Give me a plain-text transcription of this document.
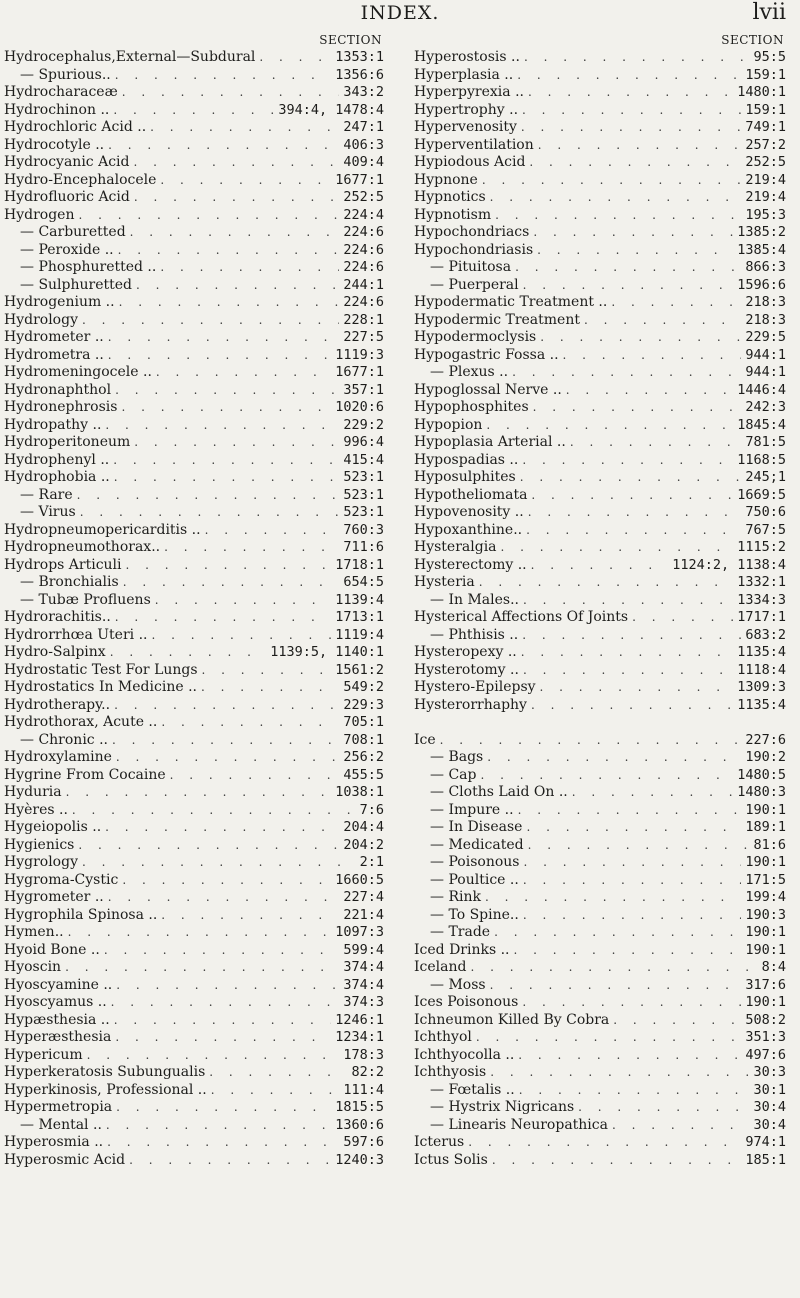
INDEX.	lvii
SECTION
Hydrocephalus,External—Subdural . . .	1353:1
— Spurious.. . . .	1356:6
Hydrocharaceæ . . .	343:2
Hydrochinon .. . . .	394:4, 1478:4
Hydrochloric Acid .. . . .	247:1
Hydrocotyle .. . . .	406:3
Hydrocyanic Acid . . .	409:4
Hydro-Encephalocele . . .	1677:1
Hydrofluoric Acid . . .	252:5
Hydrogen . . .	224:4
— Carburetted . . .	224:6
— Peroxide .. . . .	224:6
— Phosphuretted .. . . .	224:6
— Sulphuretted . . .	244:1
Hydrogenium .. . . .	224:6
Hydrology . . .	228:1
Hydrometer .. . . .	227:5
Hydrometra .. . . .	1119:3
Hydromeningocele .. . . .	1677:1
Hydronaphthol . . .	357:1
Hydronephrosis . . .	1020:6
Hydropathy .. . . .	229:2
Hydroperitoneum . . .	996:4
Hydrophenyl .. . . .	415:4
Hydrophobia .. . . .	523:1
— Rare . . .	523:1
— Virus . . .	523:1
Hydropneumopericarditis .. . . .	760:3
Hydropneumothorax.. . . .	711:6
Hydrops Articuli . . .	1718:1
— Bronchialis . . .	654:5
— Tubæ Profluens . . .	1139:4
Hydrorachitis.. . . .	1713:1
Hydrorrhœa Uteri .. . . .	1119:4
Hydro-Salpinx . . .	1139:5, 1140:1
Hydrostatic Test For Lungs . . .	1561:2
Hydrostatics In Medicine .. . . .	549:2
Hydrotherapy.. . . .	229:3
Hydrothorax, Acute .. . . .	705:1
— Chronic .. . . .	708:1
Hydroxylamine . . .	256:2
Hygrine From Cocaine . . .	455:5
Hyduria . . .	1038:1
Hyères .. . . .	7:6
Hygeiopolis .. . . .	204:4
Hygienics . . .	204:2
Hygrology . . .	2:1
Hygroma-Cystic . . .	1660:5
Hygrometer .. . . .	227:4
Hygrophila Spinosa .. . . .	221:4
Hymen.. . . .	1097:3
Hyoid Bone .. . . .	599:4
Hyoscin . . .	374:4
Hyoscyamine .. . . .	374:4
Hyoscyamus .. . . .	374:3
Hypæsthesia .. . . .	1246:1
Hyperæsthesia . . .	1234:1
Hypericum . . .	178:3
Hyperkeratosis Subungualis . . .	82:2
Hyperkinosis, Professional .. . . .	111:4
Hypermetropia . . .	1815:5
— Mental .. . . .	1360:6
Hyperosmia .. . . .	597:6
Hyperosmic Acid . . .	1240:3
SECTION
Hyperostosis .. . . .	95:5
Hyperplasia .. . . .	159:1
Hyperpyrexia .. . . .	1480:1
Hypertrophy .. . . .	159:1
Hypervenosity . . .	749:1
Hyperventilation . . .	257:2
Hypiodous Acid . . .	252:5
Hypnone . . .	219:4
Hypnotics . . .	219:4
Hypnotism . . .	195:3
Hypochondriacs . . .	1385:2
Hypochondriasis . . .	1385:4
— Pituitosa . . .	866:3
— Puerperal . . .	1596:6
Hypodermatic Treatment .. . . .	218:3
Hypodermic Treatment . . .	218:3
Hypodermoclysis . . .	229:5
Hypogastric Fossa .. . . .	944:1
— Plexus .. . . .	944:1
Hypoglossal Nerve .. . . .	1446:4
Hypophosphites . . .	242:3
Hypopion . . .	1845:4
Hypoplasia Arterial .. . . .	781:5
Hypospadias .. . . .	1168:5
Hyposulphites . . .	245;1
Hypotheliomata . . .	1669:5
Hypovenosity .. . . .	750:6
Hypoxanthine.. . . .	767:5
Hysteralgia . . .	1115:2
Hysterectomy .. . . .	1124:2, 1138:4
Hysteria . . .	1332:1
— In Males.. . . .	1334:3
Hysterical Affections Of Joints . . .	1717:1
— Phthisis .. . . .	683:2
Hysteropexy .. . . .	1135:4
Hysterotomy .. . . .	1118:4
Hystero-Epilepsy . . .	1309:3
Hysterorrhaphy . . .	1135:4
Ice . . .	227:6
— Bags . . .	190:2
— Cap . . .	1480:5
— Cloths Laid On .. . . .	1480:3
— Impure .. . . .	190:1
— In Disease . . .	189:1
— Medicated . . .	81:6
— Poisonous . . .	190:1
— Poultice .. . . .	171:5
— Rink . . .	199:4
— To Spine.. . . .	190:3
— Trade . . .	190:1
Iced Drinks .. . . .	190:1
Iceland . . .	8:4
— Moss . . .	317:6
Ices Poisonous . . .	190:1
Ichneumon Killed By Cobra . . .	508:2
Ichthyol . . .	351:3
Ichthyocolla .. . . .	497:6
Ichthyosis . . .	30:3
— Fœtalis .. . . .	30:1
— Hystrix Nigricans . . .	30:4
— Linearis Neuropathica . . .	30:4
Icterus . . .	974:1
Ictus Solis . . .	185:1
